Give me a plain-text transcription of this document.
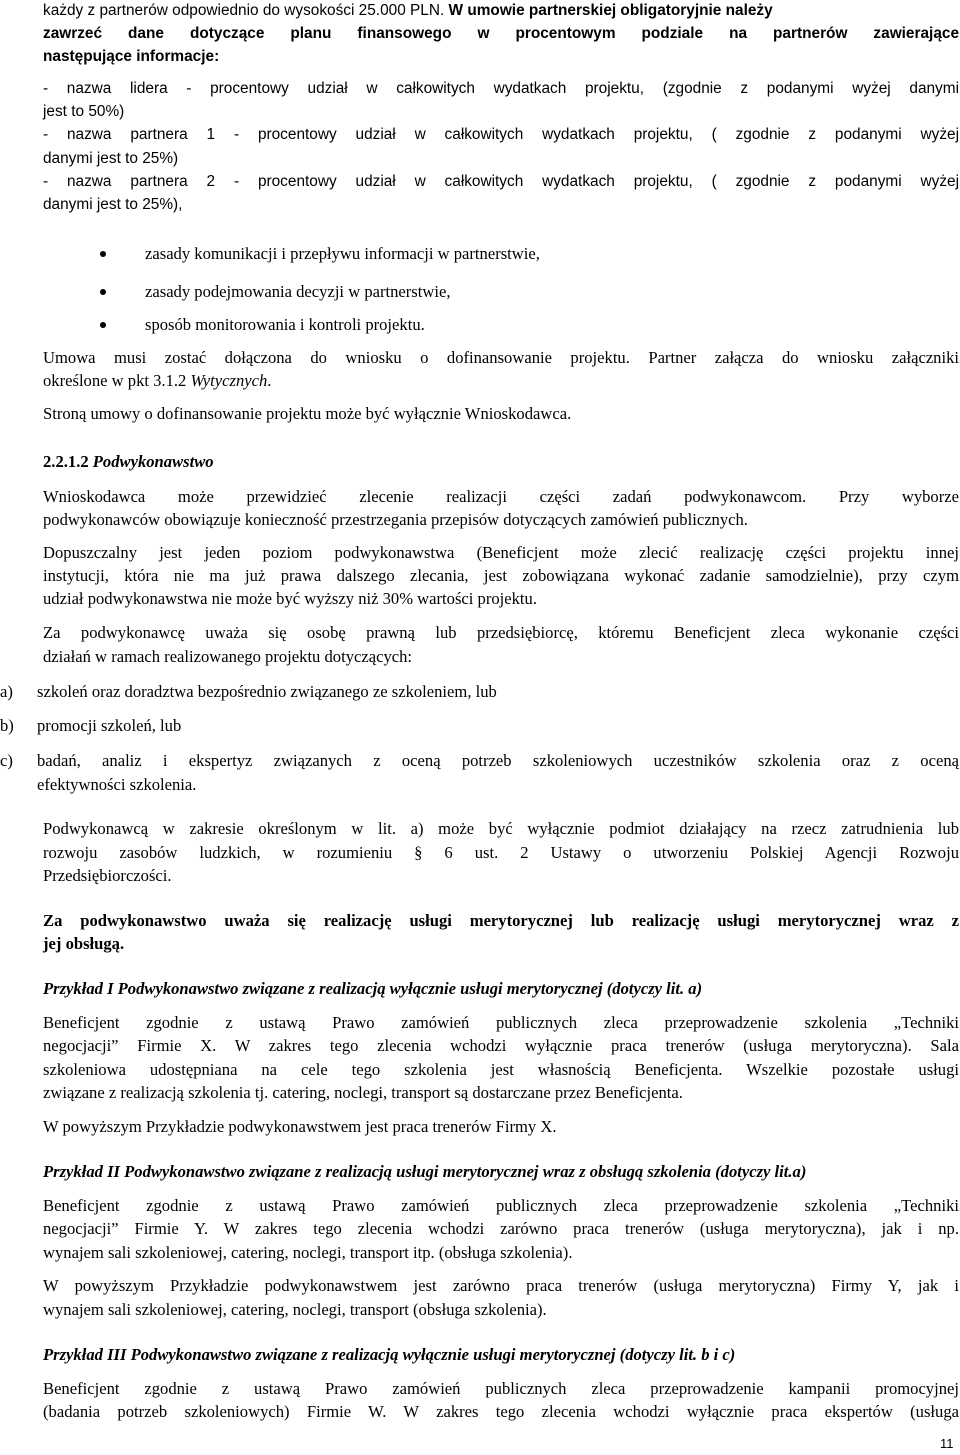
każdy z partnerów odpowiednio do wysokości 25.000 PLN. W umowie partnerskiej obligatoryjnie należy
zawrzeć dane dotyczące planu finansowego w procentowym podziale na partnerów zawierające
następujące informacje:
- nazwa lidera - procentowy udział w całkowitych wydatkach projektu, (zgodnie z podanymi wyżej danymi
jest to 50%)
- nazwa partnera 1 - procentowy udział w całkowitych wydatkach projektu, ( zgodnie z podanymi wyżej
danymi jest to 25%)
- nazwa partnera 2 - procentowy udział w całkowitych wydatkach projektu, ( zgodnie z podanymi wyżej
danymi jest to 25%),
zasady komunikacji i przepływu informacji w partnerstwie,
zasady podejmowania decyzji w partnerstwie,
sposób monitorowania i kontroli projektu.
Umowa musi zostać dołączona do wniosku o dofinansowanie projektu. Partner załącza do wniosku załączniki
określone w pkt 3.1.2 Wytycznych.
Stroną umowy o dofinansowanie projektu może być wyłącznie Wnioskodawca.
2.2.1.2 Podwykonawstwo
Wnioskodawca może przewidzieć zlecenie realizacji części zadań podwykonawcom. Przy wyborze
podwykonawców obowiązuje konieczność przestrzegania przepisów dotyczących zamówień publicznych.
Dopuszczalny jest jeden poziom podwykonawstwa (Beneficjent może zlecić realizację części projektu innej
instytucji, która nie ma już prawa dalszego zlecania, jest zobowiązana wykonać zadanie samodzielnie), przy czym
udział podwykonawstwa nie może być wyższy niż 30% wartości projektu.
Za podwykonawcę uważa się osobę prawną lub przedsiębiorcę, któremu Beneficjent zleca wykonanie części
działań w ramach realizowanego projektu dotyczących:
a) szkoleń oraz doradztwa bezpośrednio związanego ze szkoleniem, lub
b) promocji szkoleń, lub
c) badań, analiz i ekspertyz związanych z oceną potrzeb szkoleniowych uczestników szkolenia oraz z oceną
efektywności szkolenia.
Podwykonawcą w zakresie określonym w lit. a) może być wyłącznie podmiot działający na rzecz zatrudnienia lub
rozwoju zasobów ludzkich, w rozumieniu § 6 ust. 2 Ustawy o utworzeniu Polskiej Agencji Rozwoju
Przedsiębiorczości.
Za podwykonawstwo uważa się realizację usługi merytorycznej lub realizację usługi merytorycznej wraz z
jej obsługą.
Przykład I Podwykonawstwo związane z realizacją wyłącznie usługi merytorycznej (dotyczy lit. a)
Beneficjent zgodnie z ustawą Prawo zamówień publicznych zleca przeprowadzenie szkolenia „Techniki
negocjacji” Firmie X. W zakres tego zlecenia wchodzi wyłącznie praca trenerów (usługa merytoryczna). Sala
szkoleniowa udostępniana na cele tego szkolenia jest własnością Beneficjenta. Wszelkie pozostałe usługi
związane z realizacją szkolenia tj. catering, noclegi, transport są dostarczane przez Beneficjenta.
W powyższym Przykładzie podwykonawstwem jest praca trenerów Firmy X.
Przykład II Podwykonawstwo związane z realizacją usługi merytorycznej wraz z obsługą szkolenia (dotyczy lit.a)
Beneficjent zgodnie z ustawą Prawo zamówień publicznych zleca przeprowadzenie szkolenia „Techniki
negocjacji” Firmie Y. W zakres tego zlecenia wchodzi zarówno praca trenerów (usługa merytoryczna), jak i np.
wynajem sali szkoleniowej, catering, noclegi, transport itp. (obsługa szkolenia).
W powyższym Przykładzie podwykonawstwem jest zarówno praca trenerów (usługa merytoryczna) Firmy Y, jak i
wynajem sali szkoleniowej, catering, noclegi, transport (obsługa szkolenia).
Przykład III Podwykonawstwo związane z realizacją wyłącznie usługi merytorycznej (dotyczy lit. b i c)
Beneficjent zgodnie z ustawą Prawo zamówień publicznych zleca przeprowadzenie kampanii promocyjnej
(badania potrzeb szkoleniowych) Firmie W. W zakres tego zlecenia wchodzi wyłącznie praca ekspertów (usługa
11
